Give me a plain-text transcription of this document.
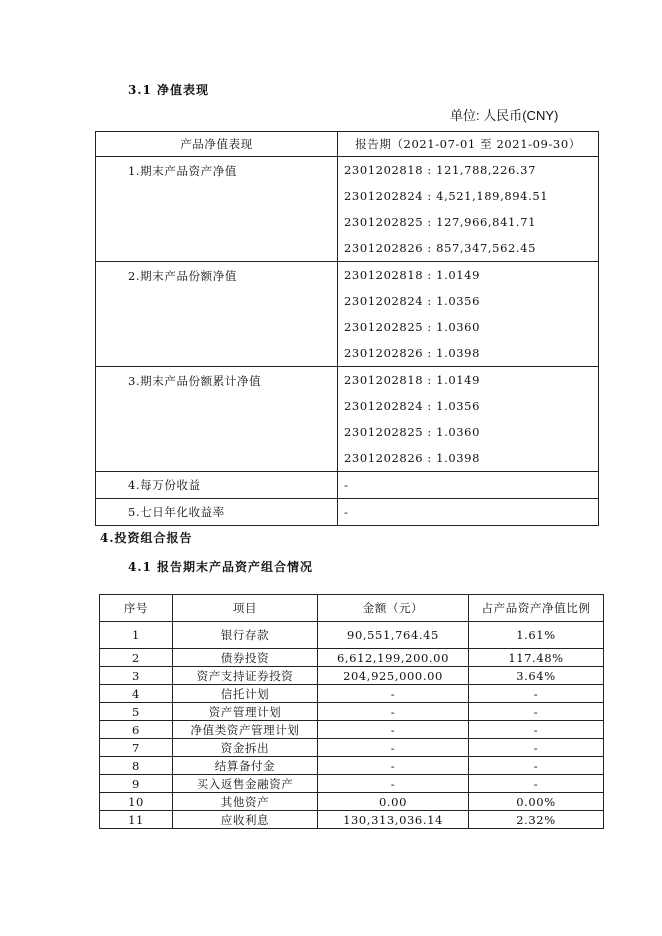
3.1 净值表现
单位: 人民币(CNY)
产品净值表现	报告期（2021-07-01 至 2021-09-30）
1.期末产品资产净值	2301202818 : 121,788,226.37
2301202824 : 4,521,189,894.51
2301202825 : 127,966,841.71
2301202826 : 857,347,562.45

2.期末产品份额净值	2301202818 : 1.0149
2301202824 : 1.0356
2301202825 : 1.0360
2301202826 : 1.0398

3.期末产品份额累计净值	2301202818 : 1.0149
2301202824 : 1.0356
2301202825 : 1.0360
2301202826 : 1.0398

4.每万份收益	-
5.七日年化收益率	-
4.投资组合报告
4.1 报告期末产品资产组合情况
序号	项目	金额（元）	占产品资产净值比例
1	银行存款	90,551,764.45	1.61%
2	债券投资	6,612,199,200.00	117.48%
3	资产支持证券投资	204,925,000.00	3.64%
4	信托计划	-	-
5	资产管理计划	-	-
6	净值类资产管理计划	-	-
7	资金拆出	-	-
8	结算备付金	-	-
9	买入返售金融资产	-	-
10	其他资产	0.00	0.00%
11	应收利息	130,313,036.14	2.32%
